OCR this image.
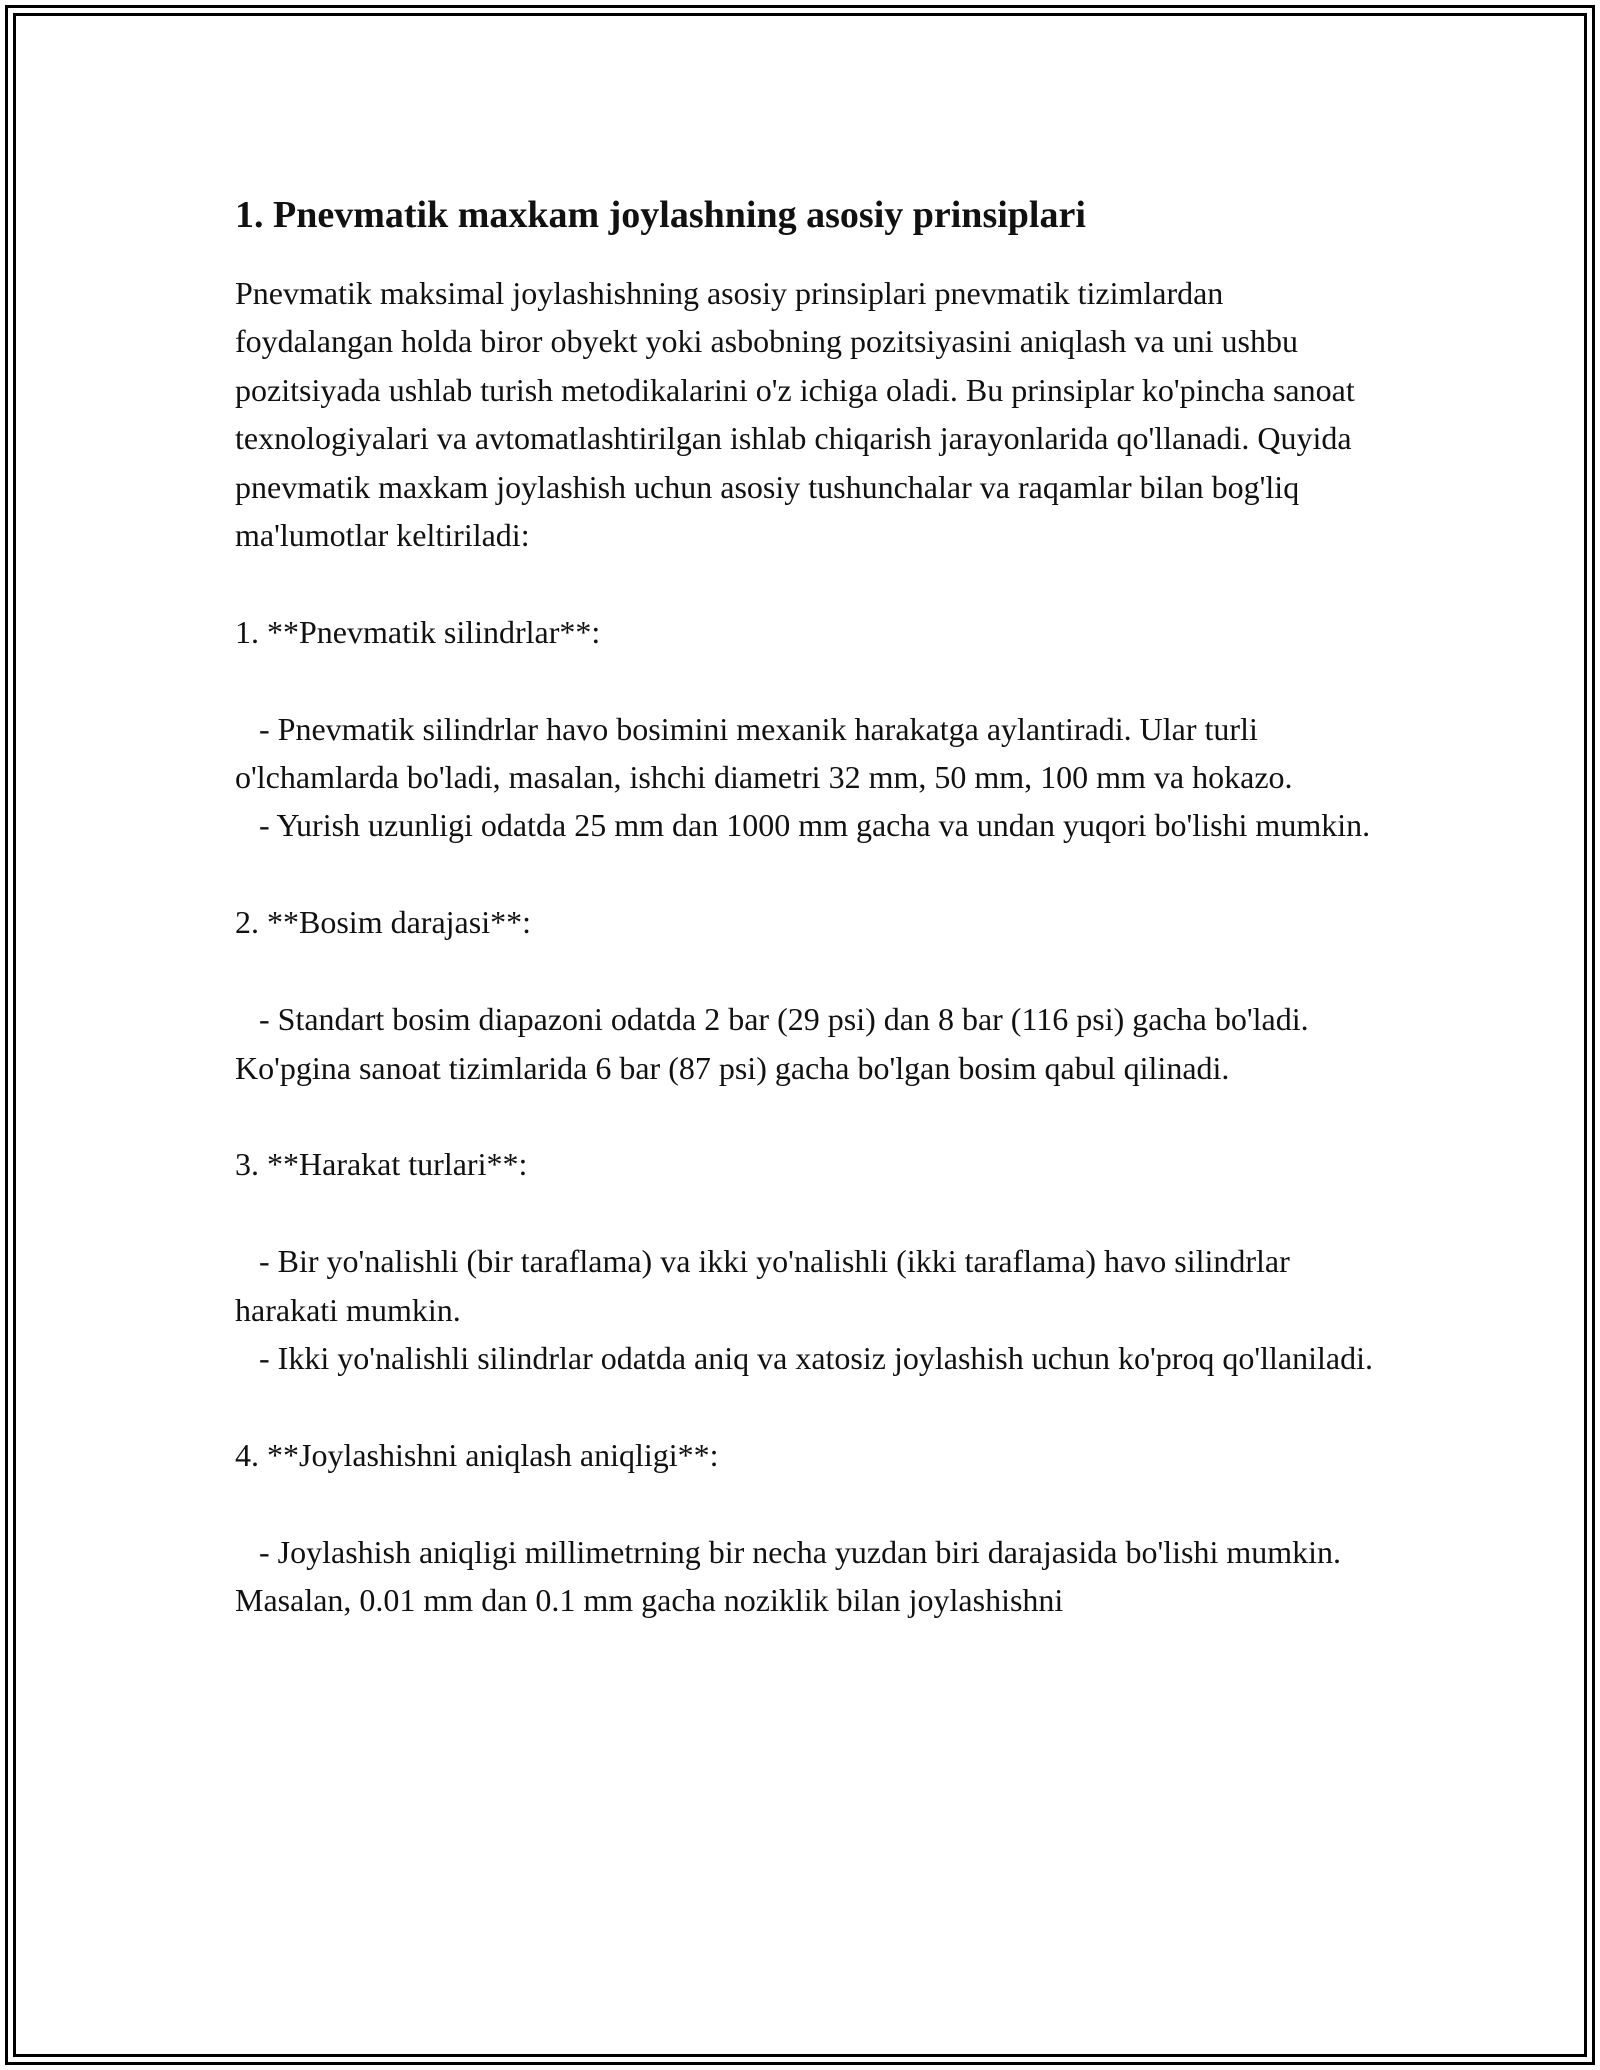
1. Pnevmatik maxkam joylashning asosiy prinsiplari
Pnevmatik maksimal joylashishning asosiy prinsiplari pnevmatik tizimlardan foydalangan holda biror obyekt yoki asbobning pozitsiyasini aniqlash va uni ushbu pozitsiyada ushlab turish metodikalarini o'z ichiga oladi. Bu prinsiplar ko'pincha sanoat texnologiyalari va avtomatlashtirilgan ishlab chiqarish jarayonlarida qo'llanadi. Quyida pnevmatik maxkam joylashish uchun asosiy tushunchalar va raqamlar bilan bog'liq ma'lumotlar keltiriladi:

1. **Pnevmatik silindrlar**:

- Pnevmatik silindrlar havo bosimini mexanik harakatga aylantiradi. Ular turli o'lchamlarda bo'ladi, masalan, ishchi diametri 32 mm, 50 mm, 100 mm va hokazo.
- Yurish uzunligi odatda 25 mm dan 1000 mm gacha va undan yuqori bo'lishi mumkin.

2. **Bosim darajasi**:

- Standart bosim diapazoni odatda 2 bar (29 psi) dan 8 bar (116 psi) gacha bo'ladi. Ko'pgina sanoat tizimlarida 6 bar (87 psi) gacha bo'lgan bosim qabul qilinadi.

3. **Harakat turlari**:

- Bir yo'nalishli (bir taraflama) va ikki yo'nalishli (ikki taraflama) havo silindrlar harakati mumkin.
- Ikki yo'nalishli silindrlar odatda aniq va xatosiz joylashish uchun ko'proq qo'llaniladi.

4. **Joylashishni aniqlash aniqligi**:

- Joylashish aniqligi millimetrning bir necha yuzdan biri darajasida bo'lishi mumkin. Masalan, 0.01 mm dan 0.1 mm gacha noziklik bilan joylashishni
